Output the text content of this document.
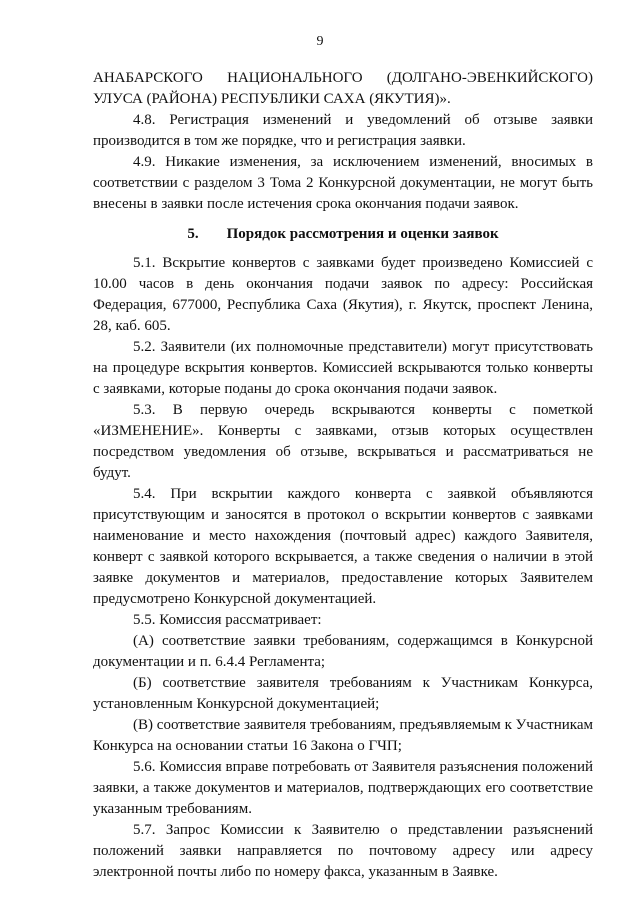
9

АНАБАРСКОГО НАЦИОНАЛЬНОГО (ДОЛГАНО-ЭВЕНКИЙСКОГО) УЛУСА (РАЙОНА) РЕСПУБЛИКИ САХА (ЯКУТИЯ)».

4.8. Регистрация изменений и уведомлений об отзыве заявки производится в том же порядке, что и регистрация заявки.

4.9. Никакие изменения, за исключением изменений, вносимых в соответствии с разделом 3 Тома 2 Конкурсной документации, не могут быть внесены в заявки после истечения срока окончания подачи заявок.

5. Порядок рассмотрения и оценки заявок

5.1. Вскрытие конвертов с заявками будет произведено Комиссией с 10.00 часов в день окончания подачи заявок по адресу: Российская Федерация, 677000, Республика Саха (Якутия), г. Якутск, проспект Ленина, 28, каб. 605.

5.2. Заявители (их полномочные представители) могут присутствовать на процедуре вскрытия конвертов. Комиссией вскрываются только конверты с заявками, которые поданы до срока окончания подачи заявок.

5.3. В первую очередь вскрываются конверты с пометкой «ИЗМЕНЕНИЕ». Конверты с заявками, отзыв которых осуществлен посредством уведомления об отзыве, вскрываться и рассматриваться не будут.

5.4. При вскрытии каждого конверта с заявкой объявляются присутствующим и заносятся в протокол о вскрытии конвертов с заявками наименование и место нахождения (почтовый адрес) каждого Заявителя, конверт с заявкой которого вскрывается, а также сведения о наличии в этой заявке документов и материалов, предоставление которых Заявителем предусмотрено Конкурсной документацией.

5.5. Комиссия рассматривает:

(А) соответствие заявки требованиям, содержащимся в Конкурсной документации и п. 6.4.4 Регламента;

(Б) соответствие заявителя требованиям к Участникам Конкурса, установленным Конкурсной документацией;

(В) соответствие заявителя требованиям, предъявляемым к Участникам Конкурса на основании статьи 16 Закона о ГЧП;

5.6. Комиссия вправе потребовать от Заявителя разъяснения положений заявки, а также документов и материалов, подтверждающих его соответствие указанным требованиям.

5.7. Запрос Комиссии к Заявителю о представлении разъяснений положений заявки направляется по почтовому адресу или адресу электронной почты либо по номеру факса, указанным в Заявке.
